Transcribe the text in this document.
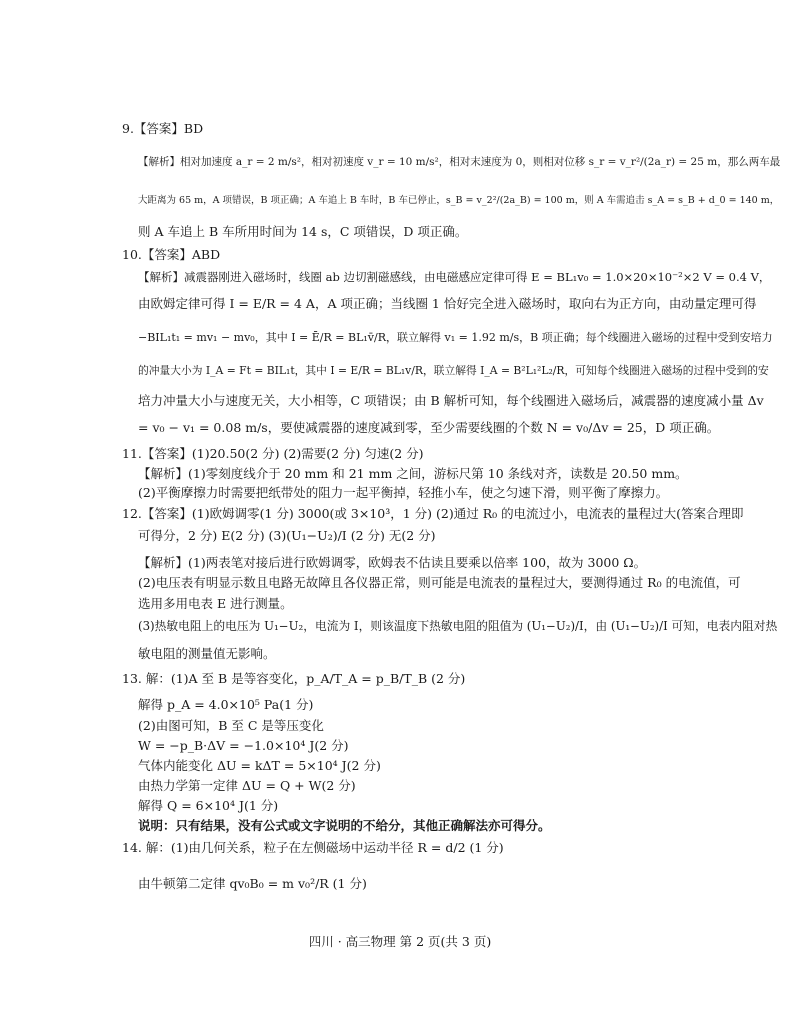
9.【答案】BD
【解析】相对加速度 a_r = 2 m/s²，相对初速度 v_r = 10 m/s²，相对末速度为 0，则相对位移 s_r = v_r²/(2a_r) = 25 m，那么两车最
大距离为 65 m，A 项错误，B 项正确；A 车追上 B 车时，B 车已停止，s_B = v_2²/(2a_B) = 100 m，则 A 车需追击 s_A = s_B + d_0 = 140 m，
则 A 车追上 B 车所用时间为 14 s，C 项错误，D 项正确。
10.【答案】ABD
【解析】减震器刚进入磁场时，线圈 ab 边切割磁感线，由电磁感应定律可得 E = BL₁v₀ = 1.0×20×10⁻²×2 V = 0.4 V，
由欧姆定律可得 I = E/R = 4 A，A 项正确；当线圈 1 恰好完全进入磁场时，取向右为正方向，由动量定理可得
−BIL₁t₁ = mv₁ − mv₀，其中 I = Ē/R = BL₁v̄/R，联立解得 v₁ = 1.92 m/s，B 项正确；每个线圈进入磁场的过程中受到安培力
的冲量大小为 I_A = Ft = BIL₁t，其中 I = E/R = BL₁v/R，联立解得 I_A = B²L₁²L₂/R，可知每个线圈进入磁场的过程中受到的安
培力冲量大小与速度无关，大小相等，C 项错误；由 B 解析可知，每个线圈进入磁场后，减震器的速度减小量 Δv
= v₀ − v₁ = 0.08 m/s，要使减震器的速度减到零，至少需要线圈的个数 N = v₀/Δv = 25，D 项正确。
11.【答案】(1)20.50(2 分) (2)需要(2 分) 匀速(2 分)
【解析】(1)零刻度线介于 20 mm 和 21 mm 之间，游标尺第 10 条线对齐，读数是 20.50 mm。
(2)平衡摩擦力时需要把纸带处的阻力一起平衡掉，轻推小车，使之匀速下滑，则平衡了摩擦力。
12.【答案】(1)欧姆调零(1 分) 3000(或 3×10³，1 分) (2)通过 R₀ 的电流过小，电流表的量程过大(答案合理即
可得分，2 分) E(2 分) (3)(U₁−U₂)/I (2 分) 无(2 分)
【解析】(1)两表笔对接后进行欧姆调零，欧姆表不估读且要乘以倍率 100，故为 3000 Ω。
(2)电压表有明显示数且电路无故障且各仪器正常，则可能是电流表的量程过大，要测得通过 R₀ 的电流值，可
选用多用电表 E 进行测量。
(3)热敏电阻上的电压为 U₁−U₂，电流为 I，则该温度下热敏电阻的阻值为 (U₁−U₂)/I，由 (U₁−U₂)/I 可知，电表内阻对热
敏电阻的测量值无影响。
13. 解：(1)A 至 B 是等容变化，p_A/T_A = p_B/T_B (2 分)
解得 p_A = 4.0×10⁵ Pa(1 分)
(2)由图可知，B 至 C 是等压变化
W = −p_B·ΔV = −1.0×10⁴ J(2 分)
气体内能变化 ΔU = kΔT = 5×10⁴ J(2 分)
由热力学第一定律 ΔU = Q + W(2 分)
解得 Q = 6×10⁴ J(1 分)
说明：只有结果，没有公式或文字说明的不给分，其他正确解法亦可得分。
14. 解：(1)由几何关系，粒子在左侧磁场中运动半径 R = d/2 (1 分)
由牛顿第二定律 qv₀B₀ = m v₀²/R (1 分)
四川 · 高三物理 第 2 页(共 3 页)
